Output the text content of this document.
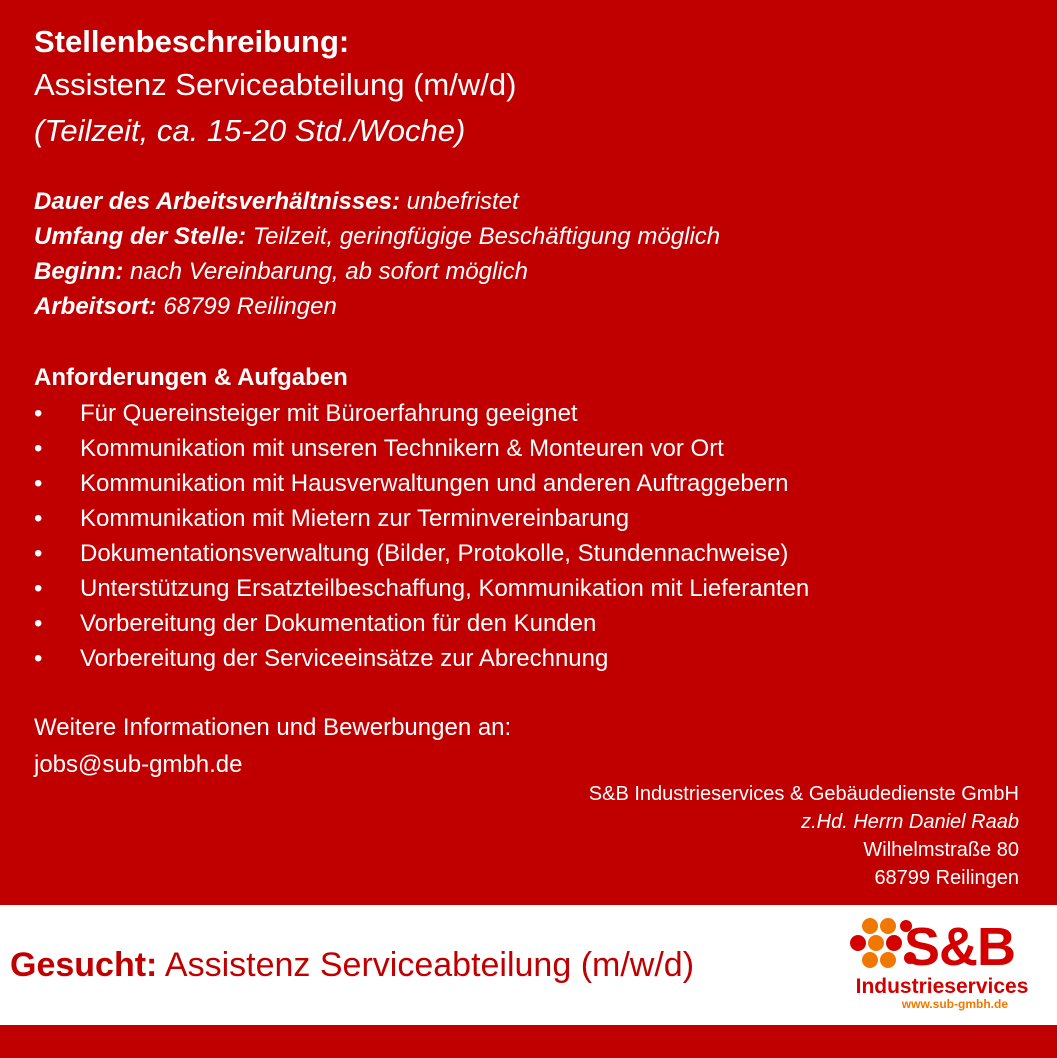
Stellenbeschreibung:
Assistenz Serviceabteilung (m/w/d)
(Teilzeit, ca. 15-20 Std./Woche)
Dauer des Arbeitsverhältnisses: unbefristet
Umfang der Stelle: Teilzeit, geringfügige Beschäftigung möglich
Beginn: nach Vereinbarung, ab sofort möglich
Arbeitsort: 68799 Reilingen
Anforderungen & Aufgaben
• Für Quereinsteiger mit Büroerfahrung geeignet
• Kommunikation mit unseren Technikern & Monteuren vor Ort
• Kommunikation mit Hausverwaltungen und anderen Auftraggebern
• Kommunikation mit Mietern zur Terminvereinbarung
• Dokumentationsverwaltung (Bilder, Protokolle, Stundennachweise)
• Unterstützung Ersatzteilbeschaffung, Kommunikation mit Lieferanten
• Vorbereitung der Dokumentation für den Kunden
• Vorbereitung der Serviceeinsätze zur Abrechnung
Weitere Informationen und Bewerbungen an:
jobs@sub-gmbh.de
S&B Industrieservices & Gebäudedienste GmbH
z.Hd. Herrn Daniel Raab
Wilhelmstraße 80
68799 Reilingen
Gesucht: Assistenz Serviceabteilung (m/w/d)	S&B
Industrieservices
www.sub-gmbh.de
